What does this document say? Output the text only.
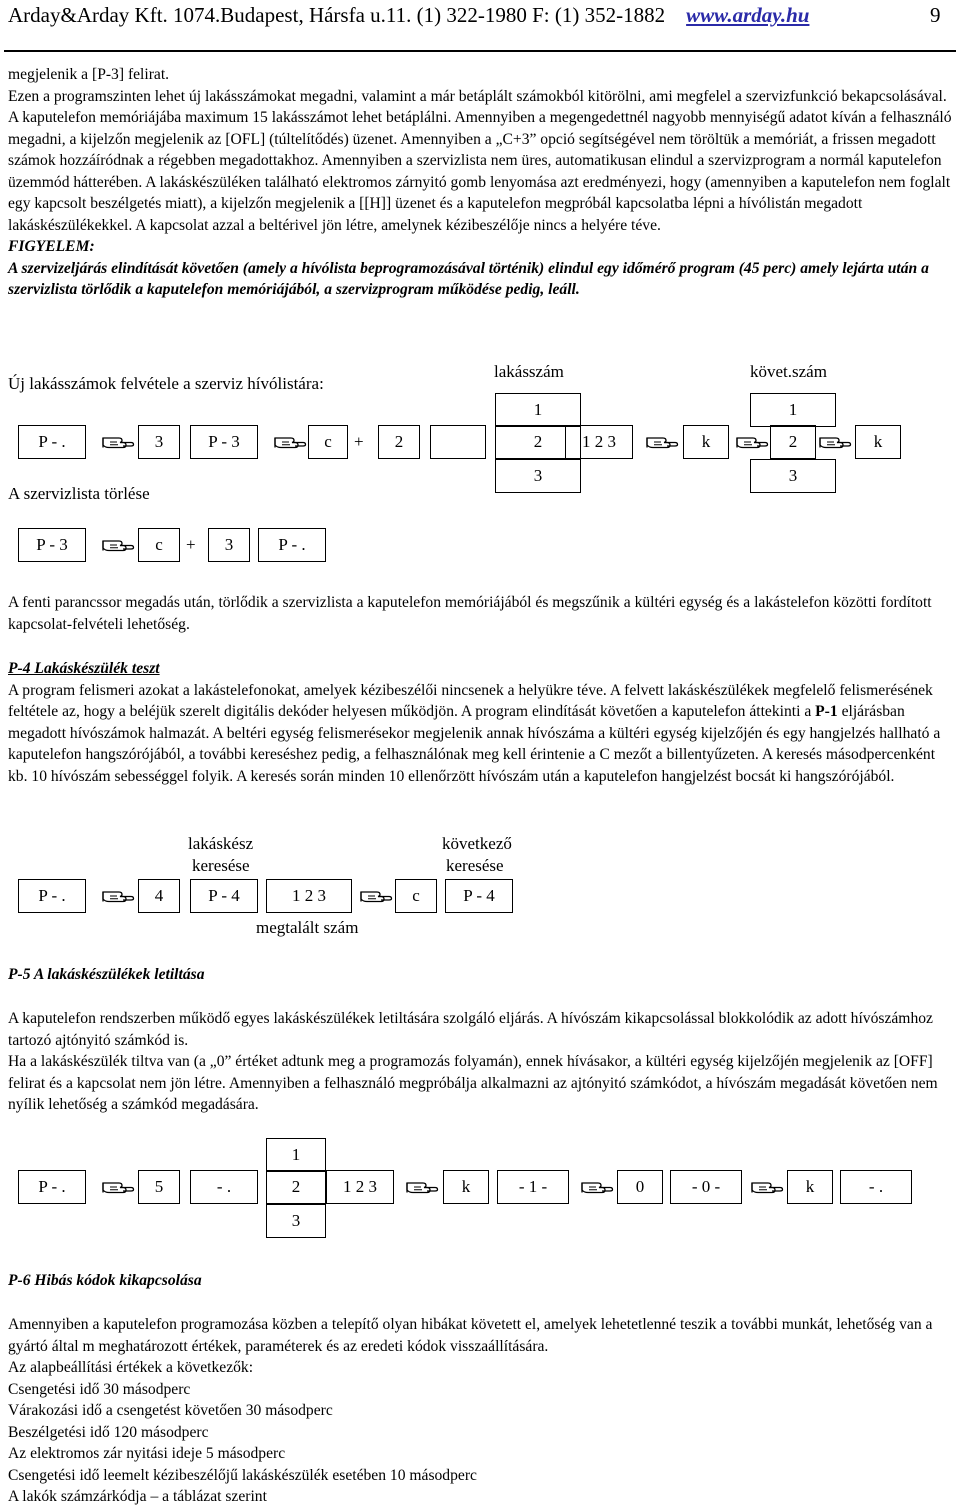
Arday&Arday Kft. 1074.Budapest, Hársfa u.11. (1) 322-1980 F: (1) 352-1882 www.arday.hu	9

megjelenik a [P-3] felirat.

Ezen a programszinten lehet új lakásszámokat megadni, valamint a már betáplált számokból kitörölni, ami megfelel a szervizfunkció bekapcsolásával. A kaputelefon memóriájába maximum 15 lakásszámot lehet betáplálni. Amennyiben a megengedettnél nagyobb mennyiségű adatot kíván a felhasználó megadni, a kijelzőn megjelenik az [OFL] (túltelítődés) üzenet. Amennyiben a „C+3” opció segítségével nem töröltük a memóriát, a frissen megadott számok hozzáíródnak a régebben megadottakhoz. Amennyiben a szervizlista nem üres, automatikusan elindul a szervizprogram a normál kaputelefon üzemmód hátterében. A lakáskészüléken található elektromos zárnyitó gomb lenyomása azt eredményezi, hogy (amennyiben a kaputelefon nem foglalt egy kapcsolt beszélgetés miatt), a kijelzőn megjelenik a [[H]] üzenet és a kaputelefon megpróbál kapcsolatba lépni a hívólistán megadott lakáskészülékekkel. A kapcsolat azzal a beltérivel jön létre, amelynek kézibeszélője nincs a helyére téve.

FIGYELEM:

A szervizeljárás elindítását követően (amely a hívólista beprogramozásával történik) elindul egy időmérő program (45 perc) amely lejárta után a szervizlista törlődik a kaputelefon memóriájából, a szervizprogram működése pedig, leáll.

Új lakásszámok felvétele a szerviz hívólistára:
lakásszám	követ.szám
1	1
P - .	3	P - 3	c	+	2	2	1 2 3	k	2	k
3	3
A szervizlista törlése
P - 3	c	+	3	P - .
A fenti parancssor megadás után, törlődik a szervizlista a kaputelefon memóriájából és megszűnik a kültéri egység és a lakástelefon közötti fordított kapcsolat-felvételi lehetőség.

P-4 Lakáskészülék teszt

A program felismeri azokat a lakástelefonokat, amelyek kézibeszélői nincsenek a helyükre téve. A felvett lakáskészülékek megfelelő felismerésének feltétele az, hogy a beléjük szerelt digitális dekóder helyesen működjön. A program elindítását követően a kaputelefon áttekinti a P-1 eljárásban megadott hívószámok halmazát. A beltéri egység felismerésekor megjelenik annak hívószáma a kültéri egység kijelzőjén és egy hangjelzés hallható a kaputelefon hangszórójából, a további kereséshez pedig, a felhasználónak meg kell érintenie a C mezőt a billentyűzeten. A keresés másodpercenként kb. 10 hívószám sebességgel folyik. A keresés során minden 10 ellenőrzött hívószám után a kaputelefon hangjelzést bocsát ki hangszórójából.

lakáskész
keresése
következő
keresése
P - .	4	P - 4	1 2 3	c	P - 4
megtalált szám

P-5 A lakáskészülékek letiltása

A kaputelefon rendszerben működő egyes lakáskészülékek letiltására szolgáló eljárás. A hívószám kikapcsolással blokkolódik az adott hívószámhoz tartozó ajtónyitó számkód is.

Ha a lakáskészülék tiltva van (a „0” értéket adtunk meg a programozás folyamán), ennek hívásakor, a kültéri egység kijelzőjén megjelenik az [OFF] felirat és a kapcsolat nem jön létre. Amennyiben a felhasználó megpróbálja alkalmazni az ajtónyitó számkódot, a hívószám megadását követően nem nyílik lehetőség a számkód megadására.

1
P - .	5	- .	2	1 2 3	k	- 1 -	0	- 0 -	k	- .
3

P-6 Hibás kódok kikapcsolása

Amennyiben a kaputelefon programozása közben a telepítő olyan hibákat követett el, amelyek lehetetlenné teszik a további munkát, lehetőség van a gyártó által m meghatározott értékek, paraméterek és az eredeti kódok visszaállítására.

Az alapbeállítási értékek a következők:

Csengetési idő 30 másodperc

Várakozási idő a csengetést követően 30 másodperc

Beszélgetési idő 120 másodperc

Az elektromos zár nyitási ideje 5 másodperc

Csengetési idő leemelt kézibeszélőjű lakáskészülék esetében 10 másodperc

A lakók számzárkódja – a táblázat szerint
